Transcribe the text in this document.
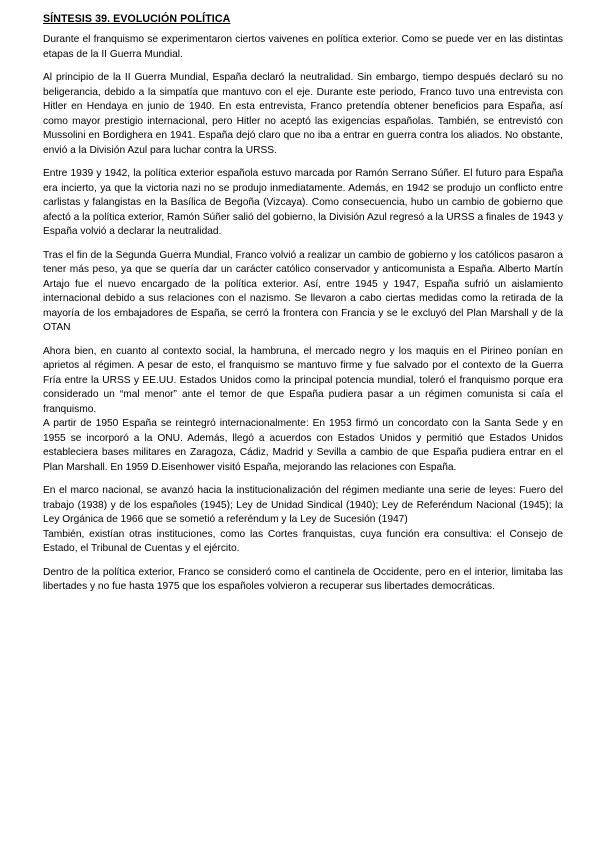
SÍNTESIS 39. EVOLUCIÓN POLÍTICA

Durante el franquismo se experimentaron ciertos vaivenes en política exterior. Como se puede ver en las distintas etapas de la II Guerra Mundial.

Al principio de la II Guerra Mundial, España declaró la neutralidad. Sin embargo, tiempo después declaró su no beligerancia, debido a la simpatía que mantuvo con el eje. Durante este periodo, Franco tuvo una entrevista con Hitler en Hendaya en junio de 1940. En esta entrevista, Franco pretendía obtener beneficios para España, así como mayor prestigio internacional, pero Hitler no aceptó las exigencias españolas. También, se entrevistó con Mussolini en Bordighera en 1941. España dejó claro que no iba a entrar en guerra contra los aliados. No obstante, envió a la División Azul para luchar contra la URSS.

Entre 1939 y 1942, la política exterior española estuvo marcada por Ramón Serrano Súñer. El futuro para España era incierto, ya que la victoria nazi no se produjo inmediatamente. Además, en 1942 se produjo un conflicto entre carlistas y falangistas en la Basílica de Begoña (Vizcaya). Como consecuencia, hubo un cambio de gobierno que afectó a la política exterior, Ramón Súñer salió del gobierno, la División Azul regresó a la URSS a finales de 1943 y España volvió a declarar la neutralidad.

Tras el fin de la Segunda Guerra Mundial, Franco volvió a realizar un cambio de gobierno y los católicos pasaron a tener más peso, ya que se quería dar un carácter católico conservador y anticomunista a España. Alberto Martín Artajo fue el nuevo encargado de la política exterior. Así, entre 1945 y 1947, España sufrió un aislamiento internacional debido a sus relaciones con el nazismo. Se llevaron a cabo ciertas medidas como la retirada de la mayoría de los embajadores de España, se cerró la frontera con Francia y se le excluyó del Plan Marshall y de la OTAN

Ahora bien, en cuanto al contexto social, la hambruna, el mercado negro y los maquis en el Pirineo ponían en aprietos al régimen. A pesar de esto, el franquismo se mantuvo firme y fue salvado por el contexto de la Guerra Fría entre la URSS y EE.UU. Estados Unidos como la principal potencia mundial, toleró el franquismo porque era considerado un “mal menor” ante el temor de que España pudiera pasar a un régimen comunista si caía el franquismo.

A partir de 1950 España se reintegró internacionalmente: En 1953 firmó un concordato con la Santa Sede y en 1955 se incorporó a la ONU. Además, llegó a acuerdos con Estados Unidos y permitió que Estados Unidos estableciera bases militares en Zaragoza, Cádiz, Madrid y Sevilla a cambio de que España pudiera entrar en el Plan Marshall. En 1959 D.Eisenhower visitó España, mejorando las relaciones con España.

En el marco nacional, se avanzó hacia la institucionalización del régimen mediante una serie de leyes: Fuero del trabajo (1938) y de los españoles (1945); Ley de Unidad Sindical (1940); Ley de Referéndum Nacional (1945); la Ley Orgánica de 1966 que se sometió a referéndum y la Ley de Sucesión (1947)

También, existían otras instituciones, como las Cortes franquistas, cuya función era consultiva: el Consejo de Estado, el Tribunal de Cuentas y el ejército.

Dentro de la política exterior, Franco se consideró como el cantinela de Occidente, pero en el interior, limitaba las libertades y no fue hasta 1975 que los españoles volvieron a recuperar sus libertades democráticas.
